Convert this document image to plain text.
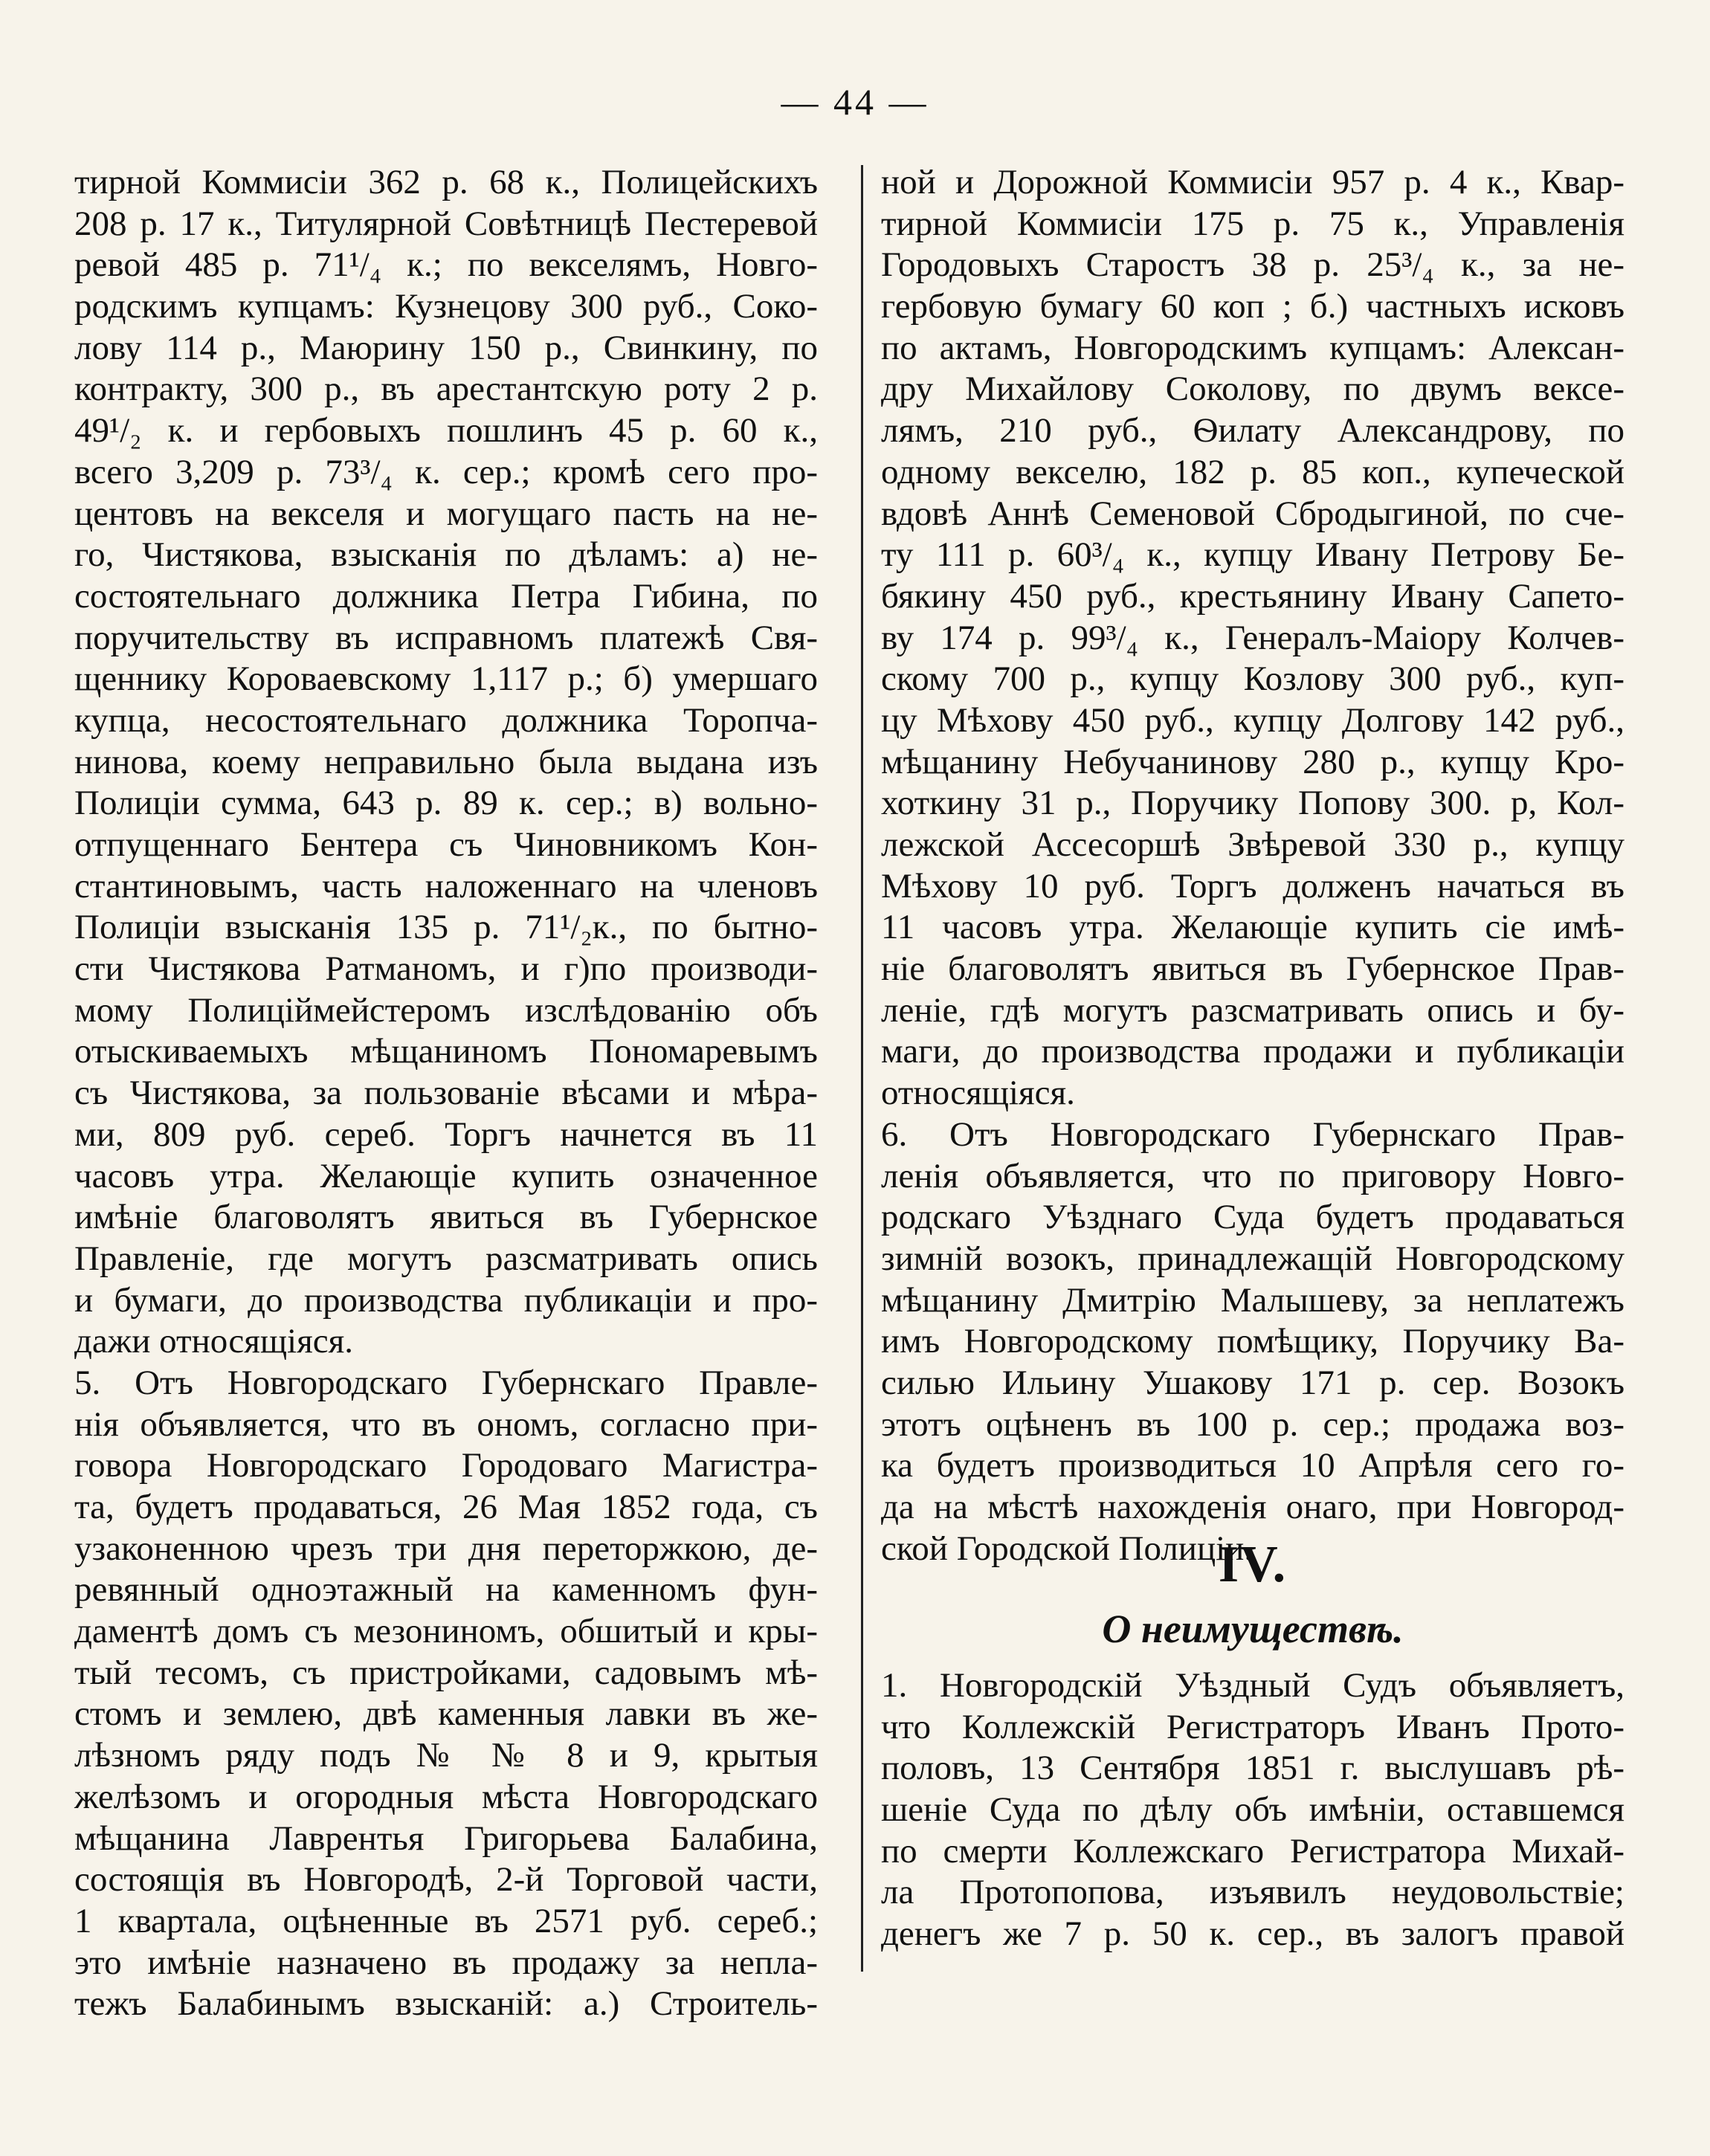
— 44 —
тирной Коммисіи 362 р. 68 к., Полицейскихъ
208 р. 17 к., Титулярной Совѣтницѣ Пестеревой
ревой 485 р. 71¹/₄ к.; по векселямъ, Новго-
родскимъ купцамъ: Кузнецову 300 руб., Соко-
лову 114 р., Маюрину 150 р., Свинкину, по
контракту, 300 р., въ арестантскую роту 2 р.
49¹/₂ к. и гербовыхъ пошлинъ 45 р. 60 к.,
всего 3,209 р. 73³/₄ к. сер.; кромѣ сего про-
центовъ на векселя и могущаго пасть на не-
го, Чистякова, взысканія по дѣламъ: а) не-
состоятельнаго должника Петра Гибина, по
поручительству въ исправномъ платежѣ Свя-
щеннику Короваевскому 1,117 р.; б) умершаго
купца, несостоятельнаго должника Торопча-
нинова, коему неправильно была выдана изъ
Полиціи сумма, 643 р. 89 к. сер.; в) вольно-
отпущеннаго Бентера съ Чиновникомъ Кон-
стантиновымъ, часть наложеннаго на членовъ
Полиціи взысканія 135 р. 71¹/₂к., по бытно-
сти Чистякова Ратманомъ, и г)по производи-
мому Полиціймейстеромъ изслѣдованію объ
отыскиваемыхъ мѣщаниномъ Пономаревымъ
съ Чистякова, за пользованіе вѣсами и мѣра-
ми, 809 руб. сереб. Торгъ начнется въ 11
часовъ утра. Желающіе купить означенное
имѣніе благоволятъ явиться въ Губернское
Правленіе, где могутъ разсматривать опись
и бумаги, до производства публикаціи и про-
дажи относящіяся.
5. Отъ Новгородскаго Губернскаго Правле-
нія объявляется, что въ ономъ, согласно при-
говора Новгородскаго Городоваго Магистра-
та, будетъ продаваться, 26 Мая 1852 года, съ
узаконенною чрезъ три дня переторжкою, де-
ревянный одноэтажный на каменномъ фун-
даментѣ домъ съ мезониномъ, обшитый и кры-
тый тесомъ, съ пристройками, садовымъ мѣ-
стомъ и землею, двѣ каменныя лавки въ же-
лѣзномъ ряду подъ № № 8 и 9, крытыя
желѣзомъ и огородныя мѣста Новгородскаго
мѣщанина Лаврентья Григорьева Балабина,
состоящія въ Новгородѣ, 2-й Торговой части,
1 квартала, оцѣненные въ 2571 руб. сереб.;
это имѣніе назначено въ продажу за непла-
тежъ Балабинымъ взысканій: а.) Строитель-
ной и Дорожной Коммисіи 957 р. 4 к., Квар-
тирной Коммисіи 175 р. 75 к., Управленія
Городовыхъ Старостъ 38 р. 25³/₄ к., за не-
гербовую бумагу 60 коп ; б.) частныхъ исковъ
по актамъ, Новгородскимъ купцамъ: Алексан-
дру Михайлову Соколову, по двумъ вексе-
лямъ, 210 руб., Ѳилату Александрову, по
одному векселю, 182 р. 85 коп., купеческой
вдовѣ Аннѣ Семеновой Сбродыгиной, по сче-
ту 111 р. 60³/₄ к., купцу Ивану Петрову Бе-
бякину 450 руб., крестьянину Ивану Сапето-
ву 174 р. 99³/₄ к., Генералъ-Маіору Колчев-
скому 700 р., купцу Козлову 300 руб., куп-
цу Мѣхову 450 руб., купцу Долгову 142 руб.,
мѣщанину Небучанинову 280 р., купцу Кро-
хоткину 31 р., Поручику Попову 300. р, Кол-
лежской Ассесоршѣ Звѣревой 330 р., купцу
Мѣхову 10 руб. Торгъ долженъ начаться въ
11 часовъ утра. Желающіе купить сіе имѣ-
ніе благоволятъ явиться въ Губернское Прав-
леніе, гдѣ могутъ разсматривать опись и бу-
маги, до производства продажи и публикаціи
относящіяся.
6. Отъ Новгородскаго Губернскаго Прав-
ленія объявляется, что по приговору Новго-
родскаго Уѣзднаго Суда будетъ продаваться
зимній возокъ, принадлежащій Новгородскому
мѣщанину Дмитрію Малышеву, за неплатежъ
имъ Новгородскому помѣщику, Поручику Ва-
силью Ильину Ушакову 171 р. сер. Возокъ
этотъ оцѣненъ въ 100 р. сер.; продажа воз-
ка будетъ производиться 10 Апрѣля сего го-
да на мѣстѣ нахожденія онаго, при Новгород-
ской Городской Полиціи.
IV.
О неимуществѣ.
1. Новгородскій Уѣздный Судъ объявляетъ,
что Коллежскій Регистраторъ Иванъ Прото-
половъ, 13 Сентября 1851 г. выслушавъ рѣ-
шеніе Суда по дѣлу объ имѣніи, оставшемся
по смерти Коллежскаго Регистратора Михай-
ла Протопопова, изъявилъ неудовольствіе;
денегъ же 7 р. 50 к. сер., въ залогъ правой
